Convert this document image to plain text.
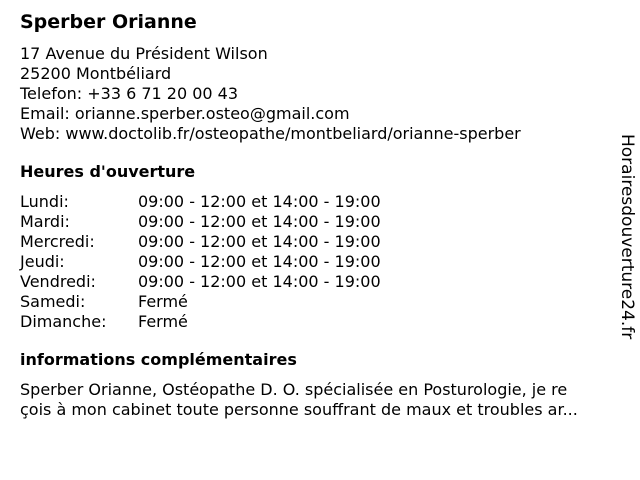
Sperber Orianne
17 Avenue du Président Wilson
25200 Montbéliard
Telefon: +33 6 71 20 00 43
Email: orianne.sperber.osteo@gmail.com
Web: www.doctolib.fr/osteopathe/montbeliard/orianne-sperber
Heures d'ouverture
Lundi:	09:00 - 12:00 et 14:00 - 19:00
Mardi:	09:00 - 12:00 et 14:00 - 19:00
Mercredi:	09:00 - 12:00 et 14:00 - 19:00
Jeudi:	09:00 - 12:00 et 14:00 - 19:00
Vendredi:	09:00 - 12:00 et 14:00 - 19:00
Samedi:	Fermé
Dimanche:	Fermé
informations complémentaires
Sperber Orianne, Ostéopathe D. O. spécialisée en Posturologie, je re
çois à mon cabinet toute personne souffrant de maux et troubles ar...
Horairesdouverture24.fr
